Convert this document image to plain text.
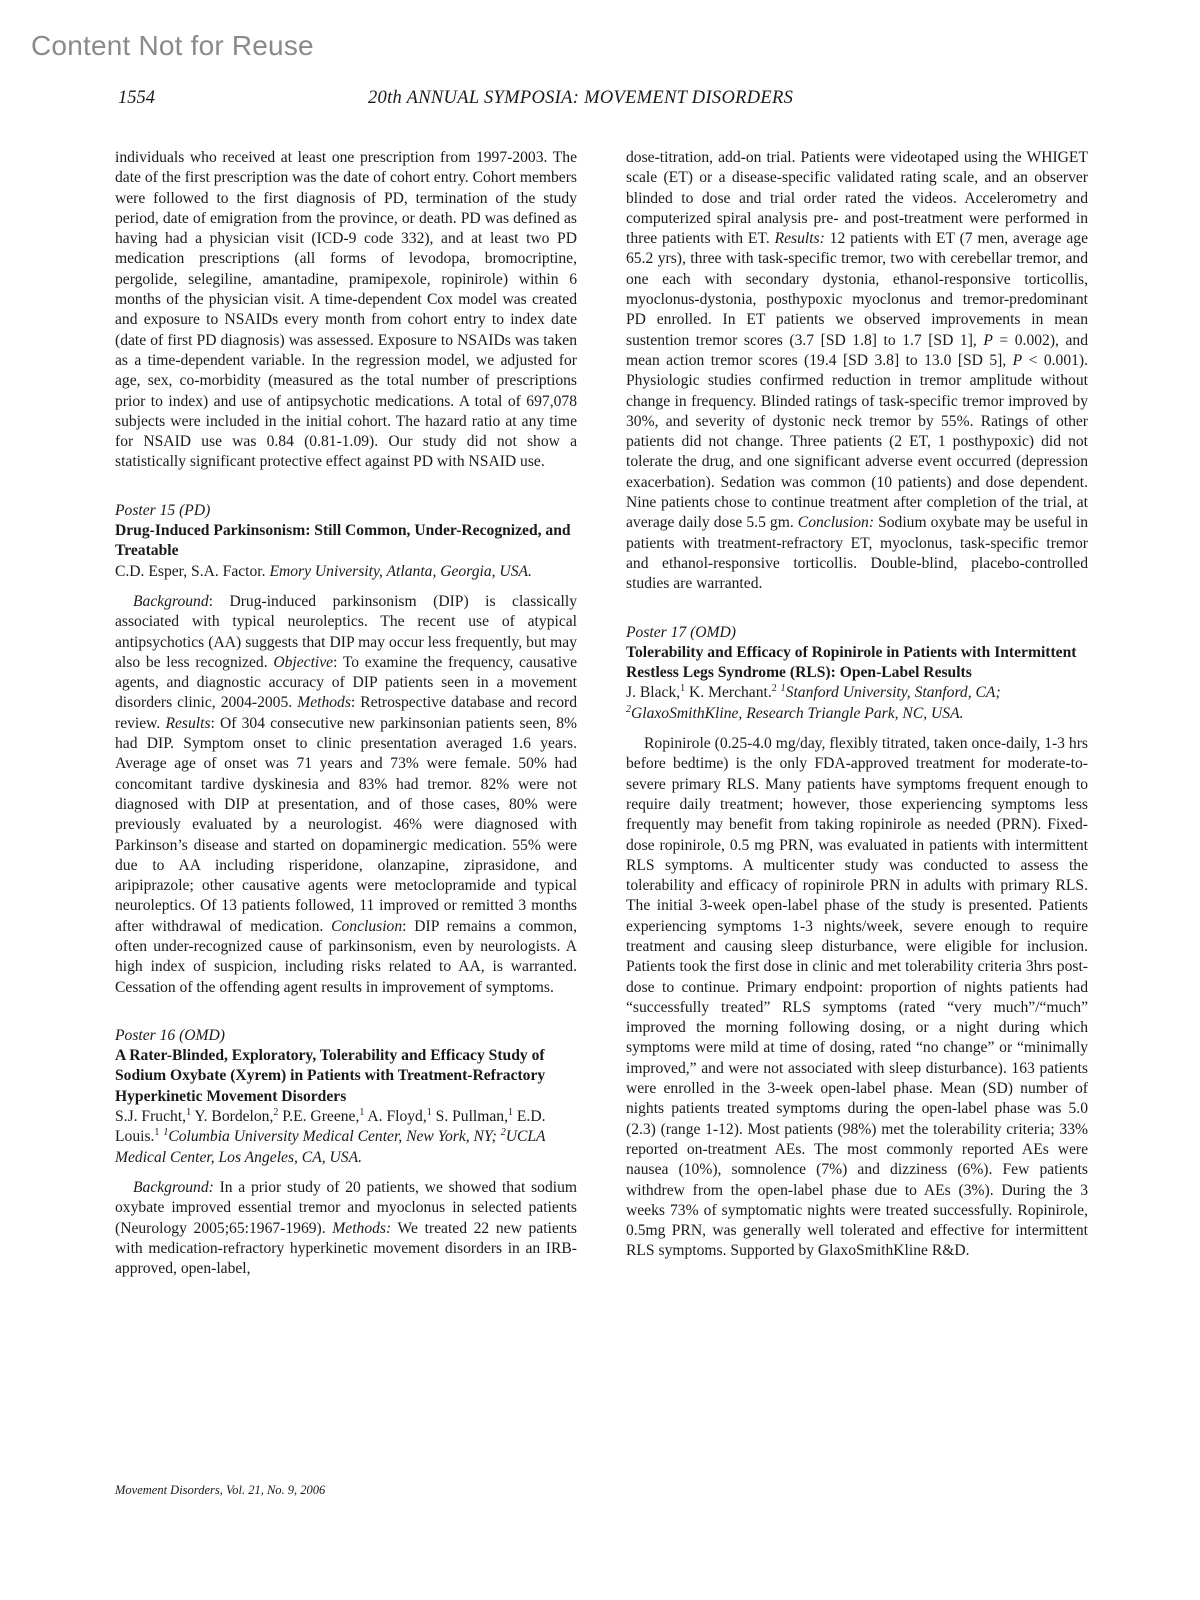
Content Not for Reuse
1554	20th ANNUAL SYMPOSIA: MOVEMENT DISORDERS

individuals who received at least one prescription from 1997-2003. The date of the first prescription was the date of cohort entry. Cohort members were followed to the first diagnosis of PD, termination of the study period, date of emigration from the province, or death. PD was defined as having had a physician visit (ICD-9 code 332), and at least two PD medication prescriptions (all forms of levodopa, bromocriptine, pergolide, selegiline, amantadine, pramipexole, ropinirole) within 6 months of the physician visit. A time-dependent Cox model was created and exposure to NSAIDs every month from cohort entry to index date (date of first PD diagnosis) was assessed. Exposure to NSAIDs was taken as a time-dependent variable. In the regression model, we adjusted for age, sex, co-morbidity (measured as the total number of prescriptions prior to index) and use of antipsychotic medications. A total of 697,078 subjects were included in the initial cohort. The hazard ratio at any time for NSAID use was 0.84 (0.81-1.09). Our study did not show a statistically significant protective effect against PD with NSAID use.

Poster 15 (PD)

Drug-Induced Parkinsonism: Still Common, Under-Recognized, and Treatable

C.D. Esper, S.A. Factor. Emory University, Atlanta, Georgia, USA.

Background: Drug-induced parkinsonism (DIP) is classically associated with typical neuroleptics. The recent use of atypical antipsychotics (AA) suggests that DIP may occur less frequently, but may also be less recognized. Objective: To examine the frequency, causative agents, and diagnostic accuracy of DIP patients seen in a movement disorders clinic, 2004-2005. Methods: Retrospective database and record review. Results: Of 304 consecutive new parkinsonian patients seen, 8% had DIP. Symptom onset to clinic presentation averaged 1.6 years. Average age of onset was 71 years and 73% were female. 50% had concomitant tardive dyskinesia and 83% had tremor. 82% were not diagnosed with DIP at presentation, and of those cases, 80% were previously evaluated by a neurologist. 46% were diagnosed with Parkinson’s disease and started on dopaminergic medication. 55% were due to AA including risperidone, olanzapine, ziprasidone, and aripiprazole; other causative agents were metoclopramide and typical neuroleptics. Of 13 patients followed, 11 improved or remitted 3 months after withdrawal of medication. Conclusion: DIP remains a common, often under-recognized cause of parkinsonism, even by neurologists. A high index of suspicion, including risks related to AA, is warranted. Cessation of the offending agent results in improvement of symptoms.

Poster 16 (OMD)

A Rater-Blinded, Exploratory, Tolerability and Efficacy Study of Sodium Oxybate (Xyrem) in Patients with Treatment-Refractory Hyperkinetic Movement Disorders

S.J. Frucht,$^1$ Y. Bordelon,$^2$ P.E. Greene,$^1$ A. Floyd,$^1$ S. Pullman,$^1$ E.D. Louis.$^1$ $^1$Columbia University Medical Center, New York, NY; $^2$UCLA Medical Center, Los Angeles, CA, USA.

Background: In a prior study of 20 patients, we showed that sodium oxybate improved essential tremor and myoclonus in selected patients (Neurology 2005;65:1967-1969). Methods: We treated 22 new patients with medication-refractory hyperkinetic movement disorders in an IRB-approved, open-label,

dose-titration, add-on trial. Patients were videotaped using the WHIGET scale (ET) or a disease-specific validated rating scale, and an observer blinded to dose and trial order rated the videos. Accelerometry and computerized spiral analysis pre- and post-treatment were performed in three patients with ET. Results: 12 patients with ET (7 men, average age 65.2 yrs), three with task-specific tremor, two with cerebellar tremor, and one each with secondary dystonia, ethanol-responsive torticollis, myoclonus-dystonia, posthypoxic myoclonus and tremor-predominant PD enrolled. In ET patients we observed improvements in mean sustention tremor scores (3.7 [SD 1.8] to 1.7 [SD 1], P = 0.002), and mean action tremor scores (19.4 [SD 3.8] to 13.0 [SD 5], P < 0.001). Physiologic studies confirmed reduction in tremor amplitude without change in frequency. Blinded ratings of task-specific tremor improved by 30%, and severity of dystonic neck tremor by 55%. Ratings of other patients did not change. Three patients (2 ET, 1 posthypoxic) did not tolerate the drug, and one significant adverse event occurred (depression exacerbation). Sedation was common (10 patients) and dose dependent. Nine patients chose to continue treatment after completion of the trial, at average daily dose 5.5 gm. Conclusion: Sodium oxybate may be useful in patients with treatment-refractory ET, myoclonus, task-specific tremor and ethanol-responsive torticollis. Double-blind, placebo-controlled studies are warranted.

Poster 17 (OMD)

Tolerability and Efficacy of Ropinirole in Patients with Intermittent Restless Legs Syndrome (RLS): Open-Label Results

J. Black,$^1$ K. Merchant.$^2$ $^1$Stanford University, Stanford, CA; $^2$GlaxoSmithKline, Research Triangle Park, NC, USA.

Ropinirole (0.25-4.0 mg/day, flexibly titrated, taken once-daily, 1-3 hrs before bedtime) is the only FDA-approved treatment for moderate-to-severe primary RLS. Many patients have symptoms frequent enough to require daily treatment; however, those experiencing symptoms less frequently may benefit from taking ropinirole as needed (PRN). Fixed-dose ropinirole, 0.5 mg PRN, was evaluated in patients with intermittent RLS symptoms. A multicenter study was conducted to assess the tolerability and efficacy of ropinirole PRN in adults with primary RLS. The initial 3-week open-label phase of the study is presented. Patients experiencing symptoms 1-3 nights/week, severe enough to require treatment and causing sleep disturbance, were eligible for inclusion. Patients took the first dose in clinic and met tolerability criteria 3hrs post-dose to continue. Primary endpoint: proportion of nights patients had “successfully treated” RLS symptoms (rated “very much”/“much” improved the morning following dosing, or a night during which symptoms were mild at time of dosing, rated “no change” or “minimally improved,” and were not associated with sleep disturbance). 163 patients were enrolled in the 3-week open-label phase. Mean (SD) number of nights patients treated symptoms during the open-label phase was 5.0 (2.3) (range 1-12). Most patients (98%) met the tolerability criteria; 33% reported on-treatment AEs. The most commonly reported AEs were nausea (10%), somnolence (7%) and dizziness (6%). Few patients withdrew from the open-label phase due to AEs (3%). During the 3 weeks 73% of symptomatic nights were treated successfully. Ropinirole, 0.5mg PRN, was generally well tolerated and effective for intermittent RLS symptoms. Supported by GlaxoSmithKline R&D.

Movement Disorders, Vol. 21, No. 9, 2006
